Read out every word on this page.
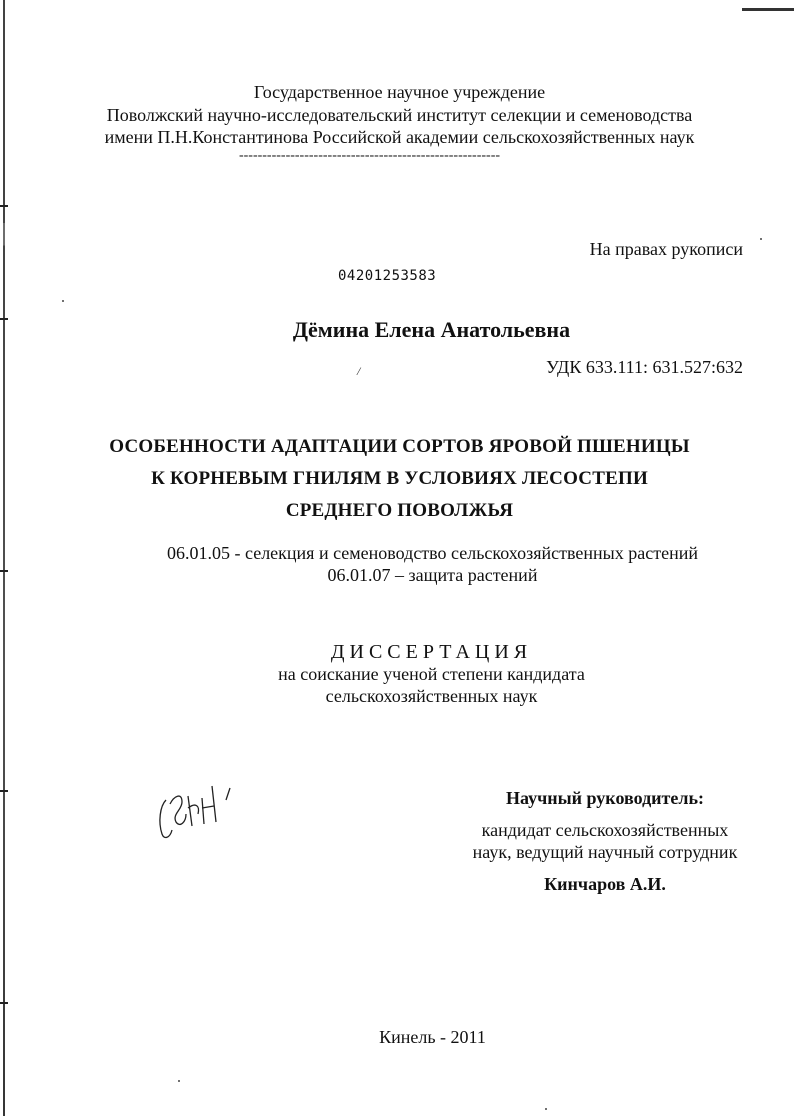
Государственное научное учреждение
Поволжский научно-исследовательский институт селекции и семеноводства
имени П.Н.Константинова Российской академии сельскохозяйственных наук
--------------------------------------------------------
На правах рукописи
04201253583
Дёмина Елена Анатольевна
/	УДК 633.111: 631.527:632
ОСОБЕННОСТИ АДАПТАЦИИ СОРТОВ ЯРОВОЙ ПШЕНИЦЫ
К КОРНЕВЫМ ГНИЛЯМ В УСЛОВИЯХ ЛЕСОСТЕПИ
СРЕДНЕГО ПОВОЛЖЬЯ
06.01.05 - селекция и семеноводство сельскохозяйственных растений
06.01.07 – защита растений
ДИССЕРТАЦИЯ
на соискание ученой степени кандидата
сельскохозяйственных наук
Научный руководитель:
кандидат сельскохозяйственных
наук, ведущий научный сотрудник
Кинчаров А.И.
Кинель - 2011
